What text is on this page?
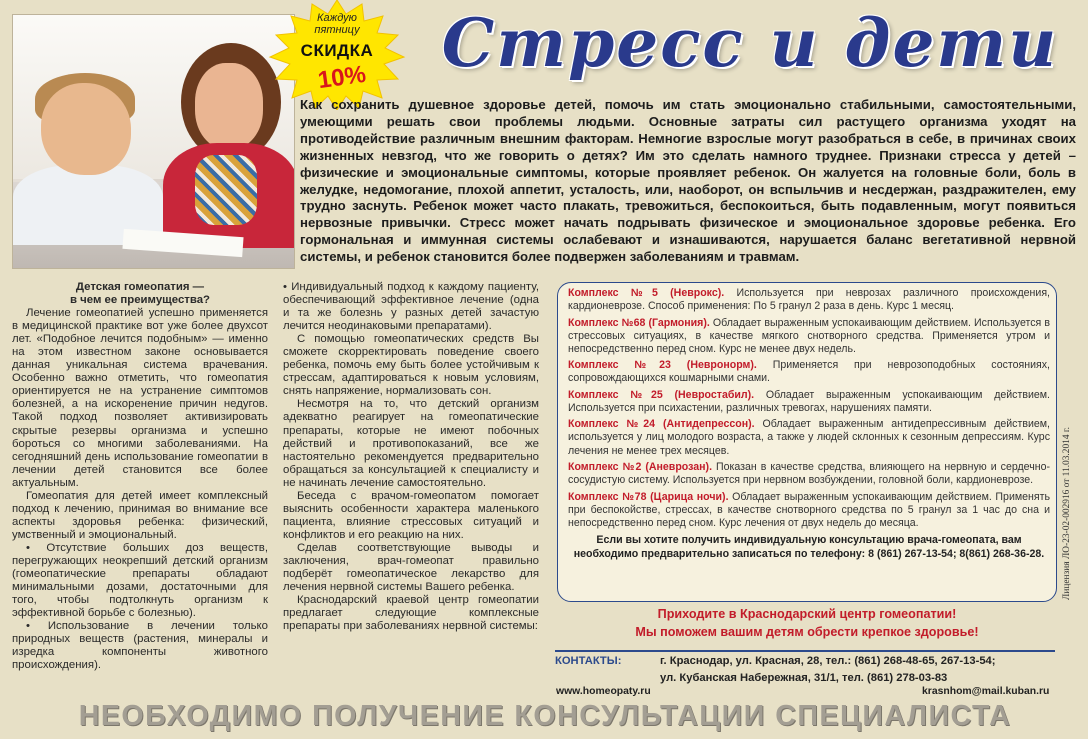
Каждую
пятницу
СКИДКА
10%	Стресс и дети
Как сохранить душевное здоровье детей, помочь им стать эмоционально стабильными, самостоятельными, умеющими решать свои проблемы людьми. Основные затраты сил растущего организма уходят на противодействие различным внешним факторам. Немногие взрослые могут разобраться в себе, в причинах своих жизненных невзгод, что же говорить о детях? Им это сделать намного труднее. Признаки стресса у детей – физические и эмоциональные симптомы, которые проявляет ребенок. Он жалуется на головные боли, боль в желудке, недомогание, плохой аппетит, усталость, или, наоборот, он вспыльчив и несдержан, раздражителен, ему трудно заснуть. Ребенок может часто плакать, тревожиться, беспокоиться, быть подавленным, могут появиться нервозные привычки. Стресс может начать подрывать физическое и эмоциональное здоровье ребенка. Его гормональная и иммунная системы ослабевают и изнашиваются, нарушается баланс вегетативной нервной системы, и ребенок становится более подвержен заболеваниям и травмам.
Детская гомеопатия —
в чем ее преимущества?

Лечение гомеопатией успешно применяется в медицинской практике вот уже более двухсот лет. «Подобное лечится подобным» — именно на этом известном законе основывается данная уникальная система врачевания. Особенно важно отметить, что гомеопатия ориентируется не на устранение симптомов болезней, а на искоренение причин недугов. Такой подход позволяет активизировать скрытые резервы организма и успешно бороться со многими заболеваниями. На сегодняшний день использование гомеопатии в лечении детей становится все более актуальным.

Гомеопатия для детей имеет комплексный подход к лечению, принимая во внимание все аспекты здоровья ребенка: физический, умственный и эмоциональный.

• Отсутствие больших доз веществ, перегружающих неокрепший детский организм (гомеопатические препараты обладают минимальными дозами, достаточными для того, чтобы подтолкнуть организм к эффективной борьбе с болезнью).

• Использование в лечении только природных веществ (растения, минералы и изредка компоненты животного происхождения).

• Индивидуальный подход к каждому пациенту, обеспечивающий эффективное лечение (одна и та же болезнь у разных детей зачастую лечится неодинаковыми препаратами).

С помощью гомеопатических средств Вы сможете скорректировать поведение своего ребенка, помочь ему быть более устойчивым к стрессам, адаптироваться к новым условиям, снять напряжение, нормализовать сон.

Несмотря на то, что детский организм адекватно реагирует на гомеопатические препараты, которые не имеют побочных действий и противопоказаний, все же настоятельно рекомендуется предварительно обращаться за консультацией к специалисту и не начинать лечение самостоятельно.

Беседа с врачом-гомеопатом помогает выяснить особенности характера маленького пациента, влияние стрессовых ситуаций и конфликтов и его реакцию на них.

Сделав соответствующие выводы и заключения, врач-гомеопат правильно подберёт гомеопатическое лекарство для лечения нервной системы Вашего ребенка.

Краснодарский краевой центр гомеопатии предлагает следующие комплексные препараты при заболеваниях нервной системы:

Комплекс №5 (Неврокс). Используется при неврозах различного происхождения, кардионеврозе. Способ применения: По 5 гранул 2 раза в день. Курс 1 месяц.
Комплекс №68 (Гармония). Обладает выраженным успокаивающим действием. Используется в стрессовых ситуациях, в качестве мягкого снотворного средства. Применяется утром и непосредственно перед сном. Курс не менее двух недель.
Комплекс №23 (Невронорм). Применяется при неврозоподобных состояниях, сопровождающихся кошмарными снами.
Комплекс №25 (Невростабил). Обладает выраженным успокаивающим действием. Используется при психастении, различных тревогах, нарушениях памяти.
Комплекс №24 (Антидепрессон). Обладает выраженным антидепрессивным действием, используется у лиц молодого возраста, а также у людей склонных к сезонным депрессиям. Курс лечения не менее трех месяцев.
Комплекс №2 (Аневрозан). Показан в качестве средства, влияющего на нервную и сердечно-сосудистую систему. Используется при нервном возбуждении, головной боли, кардионеврозе.
Комплекс №78 (Царица ночи). Обладает выраженным успокаивающим действием. Применять при беспокойстве, стрессах, в качестве снотворного средства по 5 гранул за 1 час до сна и непосредственно перед сном. Курс лечения от двух недель до месяца.
Если вы хотите получить индивидуальную консультацию врача-гомеопата, вам необходимо предварительно записаться по телефону: 8 (861) 267-13-54; 8(861) 268-36-28.	Лицензия ЛО-23-02-002916 от 11.03.2014 г.
Приходите в Краснодарский центр гомеопатии!
Мы поможем вашим детям обрести крепкое здоровье!
КОНТАКТЫ:	г. Краснодар, ул. Красная, 28, тел.: (861) 268-48-65, 267-13-54;
ул. Кубанская Набережная, 31/1, тел. (861) 278-03-83
www.homeopaty.ru	krasnhom@mail.kuban.ru
НЕОБХОДИМО ПОЛУЧЕНИЕ КОНСУЛЬТАЦИИ СПЕЦИАЛИСТА
